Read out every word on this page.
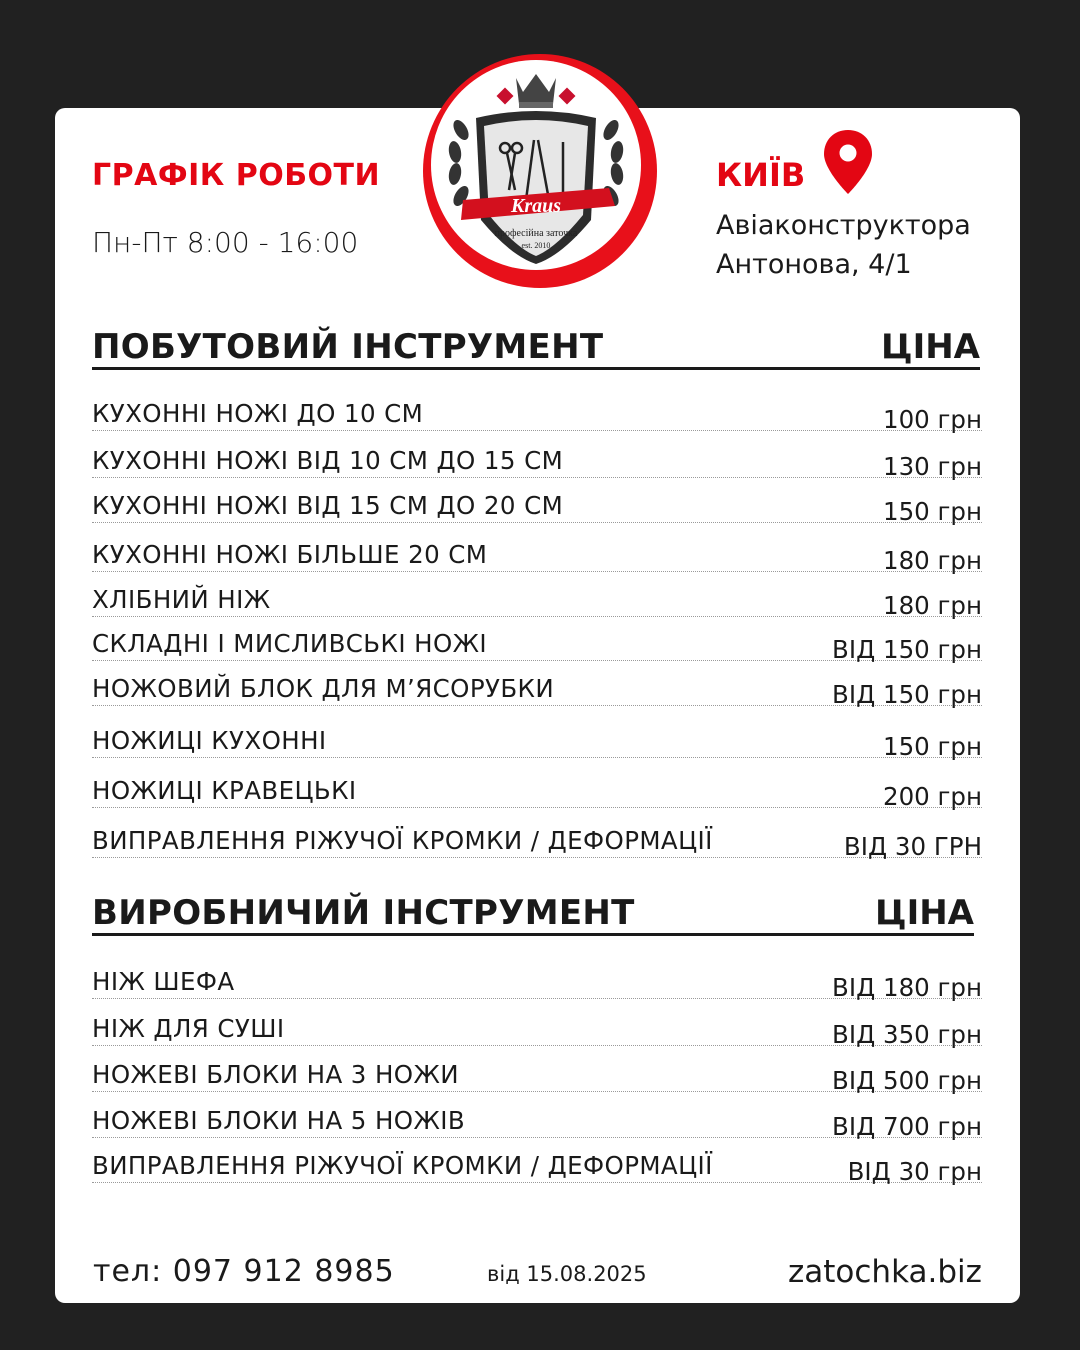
Kraus
професійна заточка
est. 2010
ГРАФІК РОБОТИ
Пн-Пт 8:00 - 16:00
КИЇВ
Авіаконструктора
Антонова, 4/1
ПОБУТОВИЙ ІНСТРУМЕНТ	ЦІНА
КУХОННІ НОЖІ ДО 10 СМ	100 грн
КУХОННІ НОЖІ ВІД 10 СМ ДО 15 СМ	130 грн
КУХОННІ НОЖІ ВІД 15 СМ ДО 20 СМ	150 грн
КУХОННІ НОЖІ БІЛЬШЕ 20 СМ	180 грн
ХЛІБНИЙ НІЖ	180 грн
СКЛАДНІ І МИСЛИВСЬКІ НОЖІ	ВІД 150 грн
НОЖОВИЙ БЛОК ДЛЯ М’ЯСОРУБКИ	ВІД 150 грн
НОЖИЦІ КУХОННІ	150 грн
НОЖИЦІ КРАВЕЦЬКІ	200 грн
ВИПРАВЛЕННЯ РІЖУЧОЇ КРОМКИ / ДЕФОРМАЦІЇ	ВІД 30 ГРН
ВИРОБНИЧИЙ ІНСТРУМЕНТ	ЦІНА
НІЖ ШЕФА	ВІД 180 грн
НІЖ ДЛЯ СУШІ	ВІД 350 грн
НОЖЕВІ БЛОКИ НА 3 НОЖИ	ВІД 500 грн
НОЖЕВІ БЛОКИ НА 5 НОЖІВ	ВІД 700 грн
ВИПРАВЛЕННЯ РІЖУЧОЇ КРОМКИ / ДЕФОРМАЦІЇ	ВІД 30 грн
тел: 097 912 8985	від 15.08.2025	zatochka.biz
